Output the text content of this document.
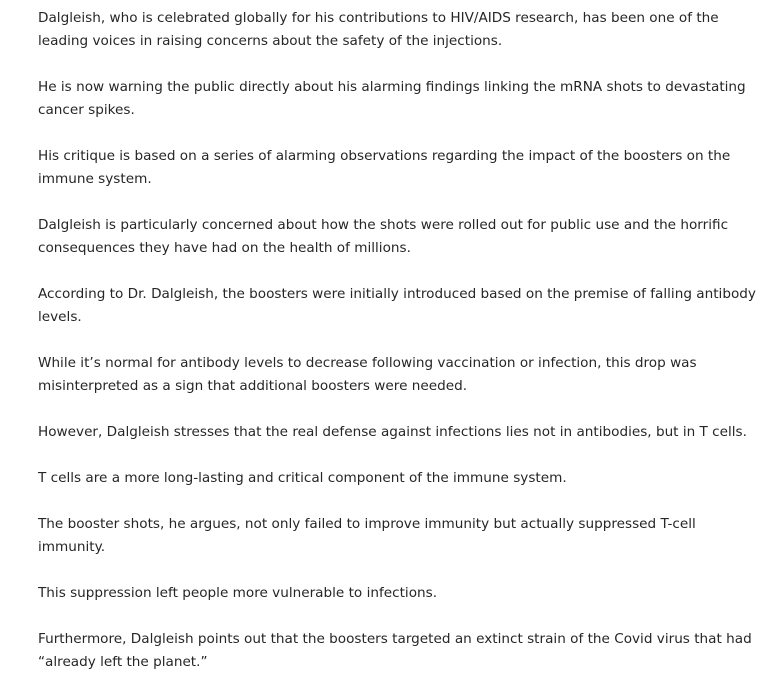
Dalgleish, who is celebrated globally for his contributions to HIV/AIDS research, has been one of the leading voices in raising concerns about the safety of the injections.

He is now warning the public directly about his alarming findings linking the mRNA shots to devastating cancer spikes.

His critique is based on a series of alarming observations regarding the impact of the boosters on the immune system.

Dalgleish is particularly concerned about how the shots were rolled out for public use and the horrific consequences they have had on the health of millions.

According to Dr. Dalgleish, the boosters were initially introduced based on the premise of falling antibody levels.

While it’s normal for antibody levels to decrease following vaccination or infection, this drop was misinterpreted as a sign that additional boosters were needed.

However, Dalgleish stresses that the real defense against infections lies not in antibodies, but in T cells.

T cells are a more long-lasting and critical component of the immune system.

The booster shots, he argues, not only failed to improve immunity but actually suppressed T-cell immunity.

This suppression left people more vulnerable to infections.

Furthermore, Dalgleish points out that the boosters targeted an extinct strain of the Covid virus that had “already left the planet.”
